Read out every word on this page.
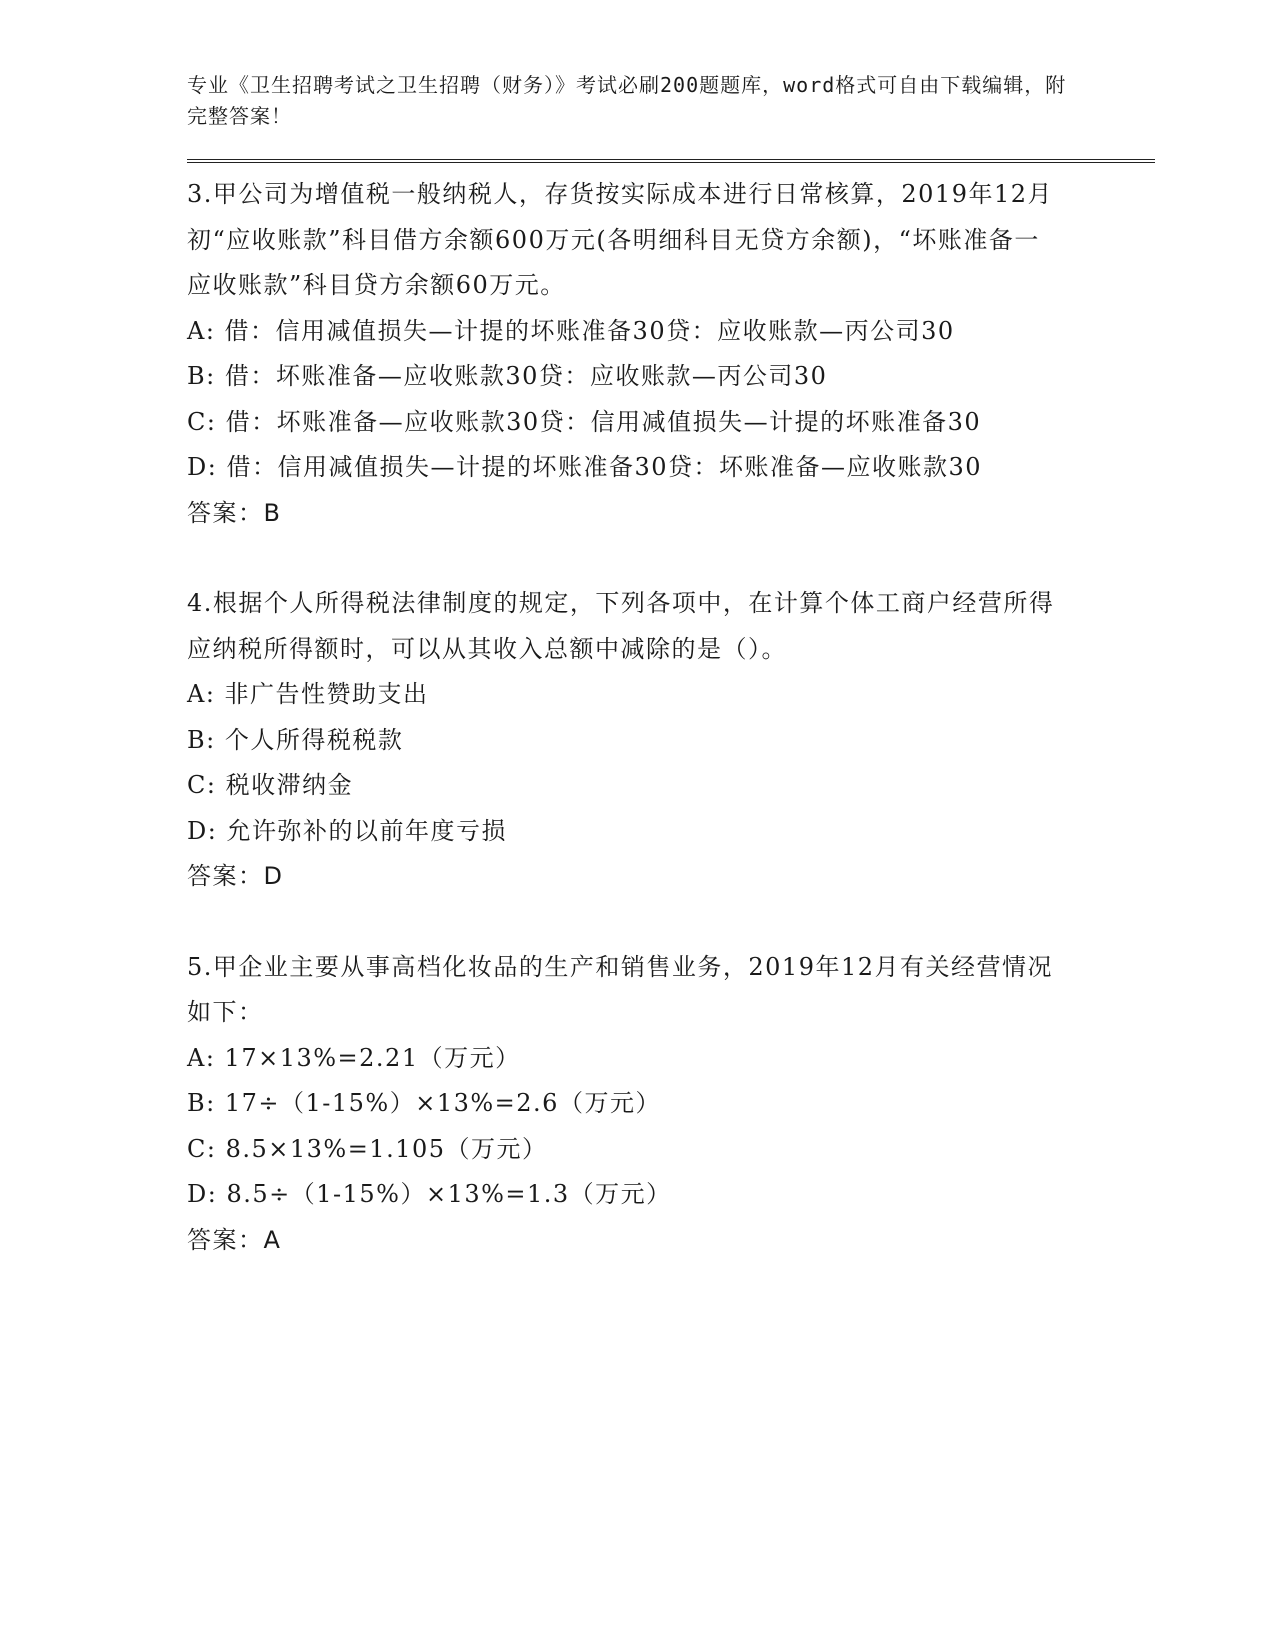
专业《卫生招聘考试之卫生招聘（财务）》考试必刷200题题库，word格式可自由下载编辑，附完整答案！

3.甲公司为增值税一般纳税人，存货按实际成本进行日常核算，2019年12月初“应收账款”科目借方余额600万元(各明细科目无贷方余额)，“坏账准备一应收账款”科目贷方余额60万元。

A: 借：信用减值损失—计提的坏账准备30贷：应收账款—丙公司30

B: 借：坏账准备—应收账款30贷：应收账款—丙公司30

C: 借：坏账准备—应收账款30贷：信用减值损失—计提的坏账准备30

D: 借：信用减值损失—计提的坏账准备30贷：坏账准备—应收账款30

答案：B

4.根据个人所得税法律制度的规定，下列各项中，在计算个体工商户经营所得应纳税所得额时，可以从其收入总额中减除的是（）。

A: 非广告性赞助支出

B: 个人所得税税款

C: 税收滞纳金

D: 允许弥补的以前年度亏损

答案：D

5.甲企业主要从事高档化妆品的生产和销售业务，2019年12月有关经营情况如下：

A: 17×13%=2.21（万元）

B: 17÷（1-15%）×13%=2.6（万元）

C: 8.5×13%=1.105（万元）

D: 8.5÷（1-15%）×13%=1.3（万元）

答案：A
